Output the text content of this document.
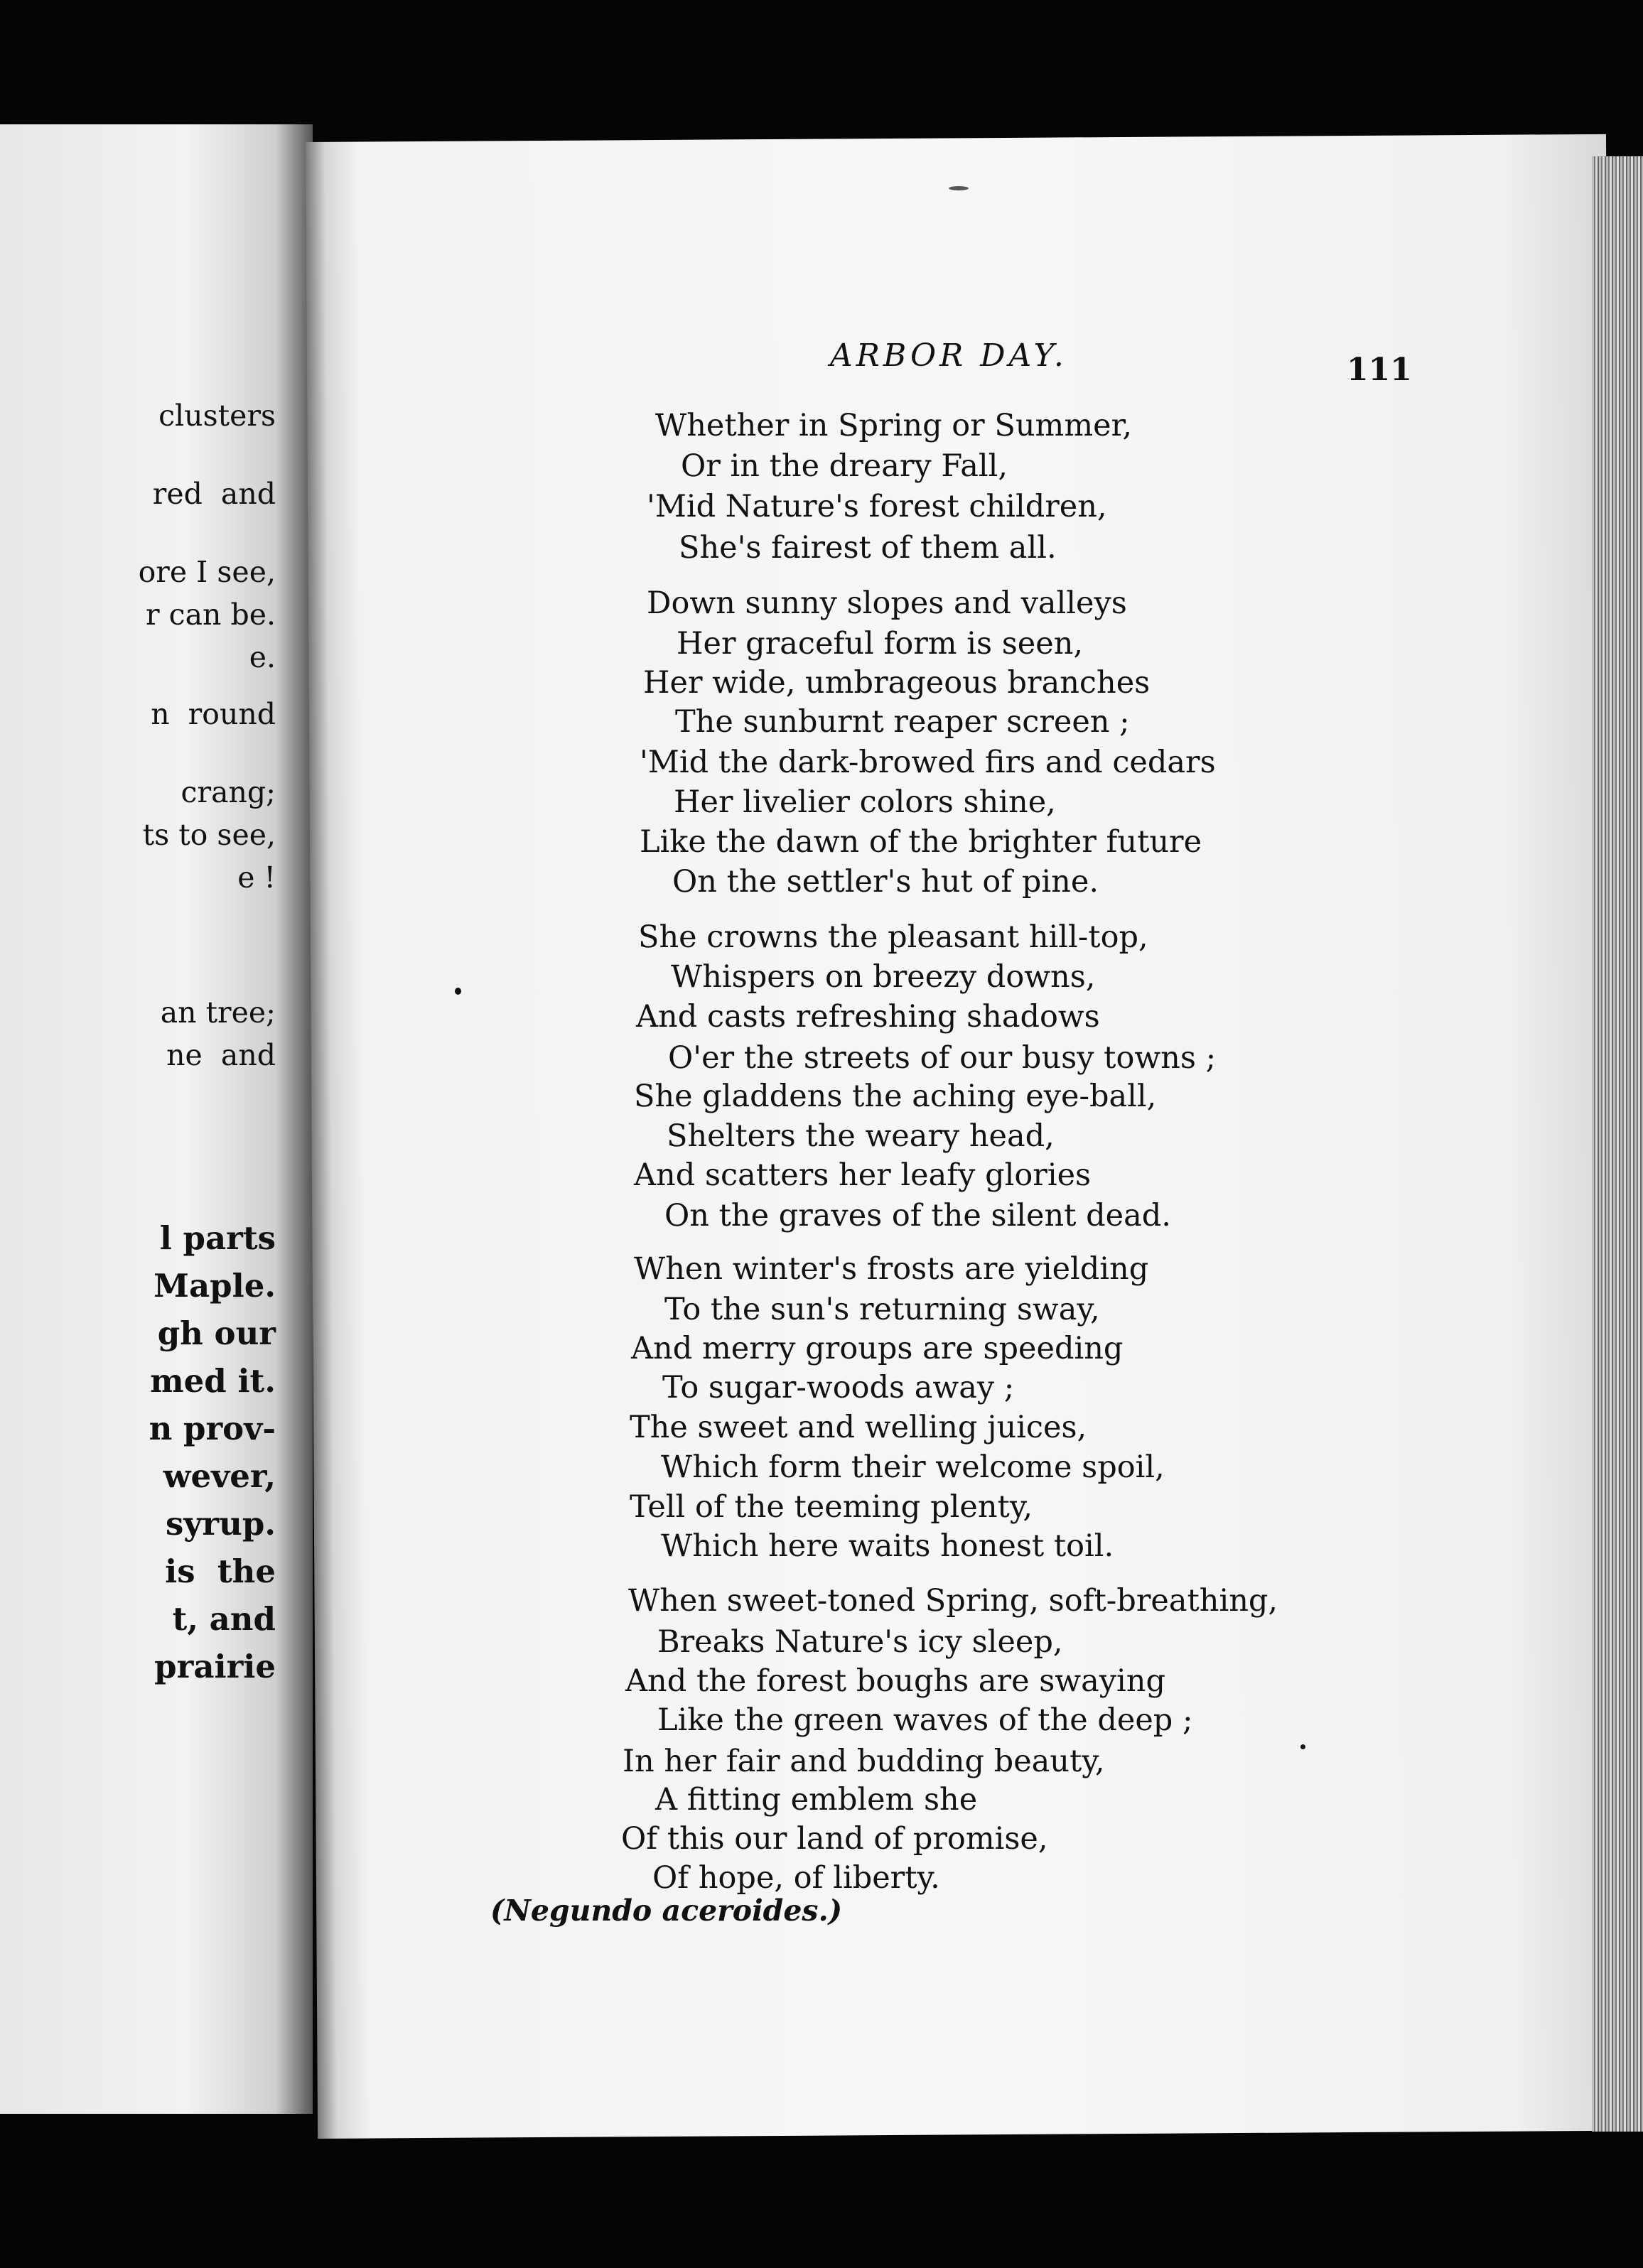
clusters
red  and
ore I see,
r can be.
e.
n  round
crang;
ts to see,
e !
an tree;
ne  and
l parts
Maple.
gh our
med it.
n prov-
wever,
syrup.
is  the
t, and
prairie
ARBOR DAY.	111
Whether in Spring or Summer,
Or in the dreary Fall,
'Mid Nature's forest children,
She's fairest of them all.
Down sunny slopes and valleys
Her graceful form is seen,
Her wide, umbrageous branches
The sunburnt reaper screen ;
'Mid the dark-browed firs and cedars
Her livelier colors shine,
Like the dawn of the brighter future
On the settler's hut of pine.
She crowns the pleasant hill-top,
Whispers on breezy downs,
And casts refreshing shadows
O'er the streets of our busy towns ;
She gladdens the aching eye-ball,
Shelters the weary head,
And scatters her leafy glories
On the graves of the silent dead.
When winter's frosts are yielding
To the sun's returning sway,
And merry groups are speeding
To sugar-woods away ;
The sweet and welling juices,
Which form their welcome spoil,
Tell of the teeming plenty,
Which here waits honest toil.
When sweet-toned Spring, soft-breathing,
Breaks Nature's icy sleep,
And the forest boughs are swaying
Like the green waves of the deep ;
In her fair and budding beauty,
A fitting emblem she
Of this our land of promise,
Of hope, of liberty.
(Negundo aceroides.)
